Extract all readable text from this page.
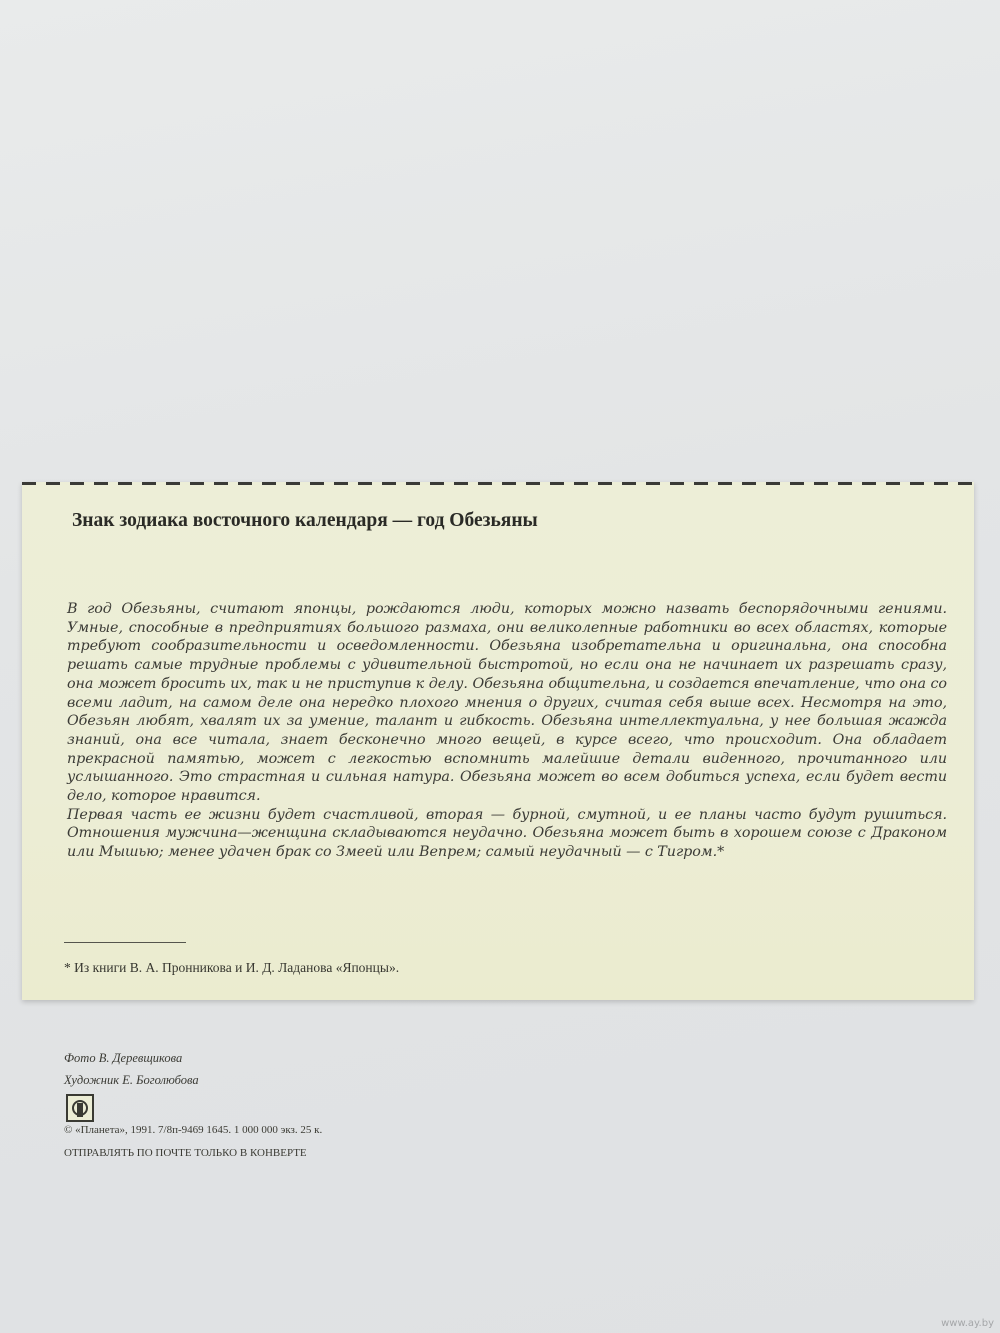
Знак зодиака восточного календаря — год Обезьяны

В год Обезьяны, считают японцы, рождаются люди, которых можно назвать беспорядочными гениями. Умные, способные в предприятиях большого размаха, они великолепные работники во всех областях, которые требуют сообразительности и осведомленности. Обезьяна изобретательна и оригинальна, она способна решать самые трудные проблемы с удивительной быстротой, но если она не начинает их разрешать сразу, она может бросить их, так и не приступив к делу. Обезьяна общительна, и создается впечатление, что она со всеми ладит, на самом деле она нередко плохого мнения о других, считая себя выше всех. Несмотря на это, Обезьян любят, хвалят их за умение, талант и гибкость. Обезьяна интеллектуальна, у нее большая жажда знаний, она все читала, знает бесконечно много вещей, в курсе всего, что происходит. Она обладает прекрасной памятью, может с легкостью вспомнить малейшие детали виденного, прочитанного или услышанного. Это страстная и сильная натура. Обезьяна может во всем добиться успеха, если будет вести дело, которое нравится.

Первая часть ее жизни будет счастливой, вторая — бурной, смутной, и ее планы часто будут рушиться. Отношения мужчина—женщина складываются неудачно. Обезьяна может быть в хорошем союзе с Драконом или Мышью; менее удачен брак со Змеей или Вепрем; самый неудачный — с Тигром.*

* Из книги В. А. Пронникова и И. Д. Ладанова «Японцы».
Фото В. Деревщикова
Художник Е. Боголюбова
© «Планета», 1991. 7/8п-9469 1645. 1 000 000 экз. 25 к.
ОТПРАВЛЯТЬ ПО ПОЧТЕ ТОЛЬКО В КОНВЕРТЕ
www.ay.by
